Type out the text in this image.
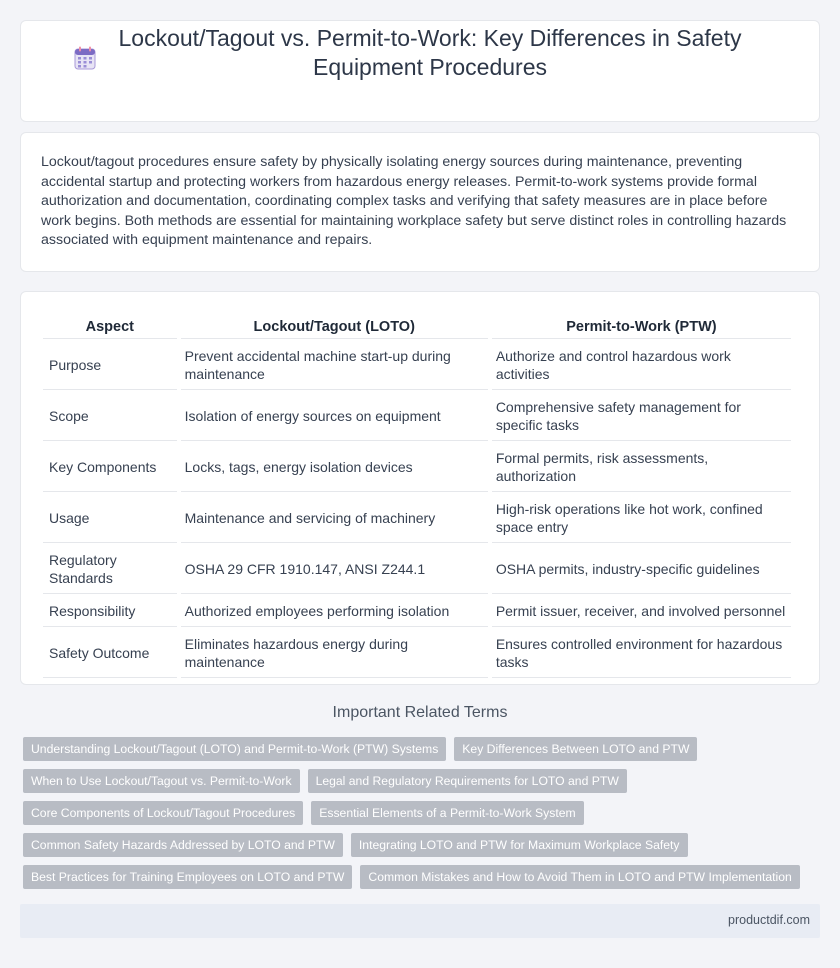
Lockout/Tagout vs. Permit-to-Work: Key Differences in Safety Equipment Procedures

Lockout/tagout procedures ensure safety by physically isolating energy sources during maintenance, preventing accidental startup and protecting workers from hazardous energy releases. Permit-to-work systems provide formal authorization and documentation, coordinating complex tasks and verifying that safety measures are in place before work begins. Both methods are essential for maintaining workplace safety but serve distinct roles in controlling hazards associated with equipment maintenance and repairs.

Aspect	Lockout/Tagout (LOTO)	Permit-to-Work (PTW)
Purpose	Prevent accidental machine start-up during maintenance	Authorize and control hazardous work activities
Scope	Isolation of energy sources on equipment	Comprehensive safety management for specific tasks
Key Components	Locks, tags, energy isolation devices	Formal permits, risk assessments, authorization
Usage	Maintenance and servicing of machinery	High-risk operations like hot work, confined space entry
Regulatory Standards	OSHA 29 CFR 1910.147, ANSI Z244.1	OSHA permits, industry-specific guidelines
Responsibility	Authorized employees performing isolation	Permit issuer, receiver, and involved personnel
Safety Outcome	Eliminates hazardous energy during maintenance	Ensures controlled environment for hazardous tasks
Important Related Terms
Understanding Lockout/Tagout (LOTO) and Permit-to-Work (PTW) Systems	Key Differences Between LOTO and PTW
When to Use Lockout/Tagout vs. Permit-to-Work	Legal and Regulatory Requirements for LOTO and PTW
Core Components of Lockout/Tagout Procedures	Essential Elements of a Permit-to-Work System
Common Safety Hazards Addressed by LOTO and PTW	Integrating LOTO and PTW for Maximum Workplace Safety
Best Practices for Training Employees on LOTO and PTW	Common Mistakes and How to Avoid Them in LOTO and PTW Implementation
productdif.com
